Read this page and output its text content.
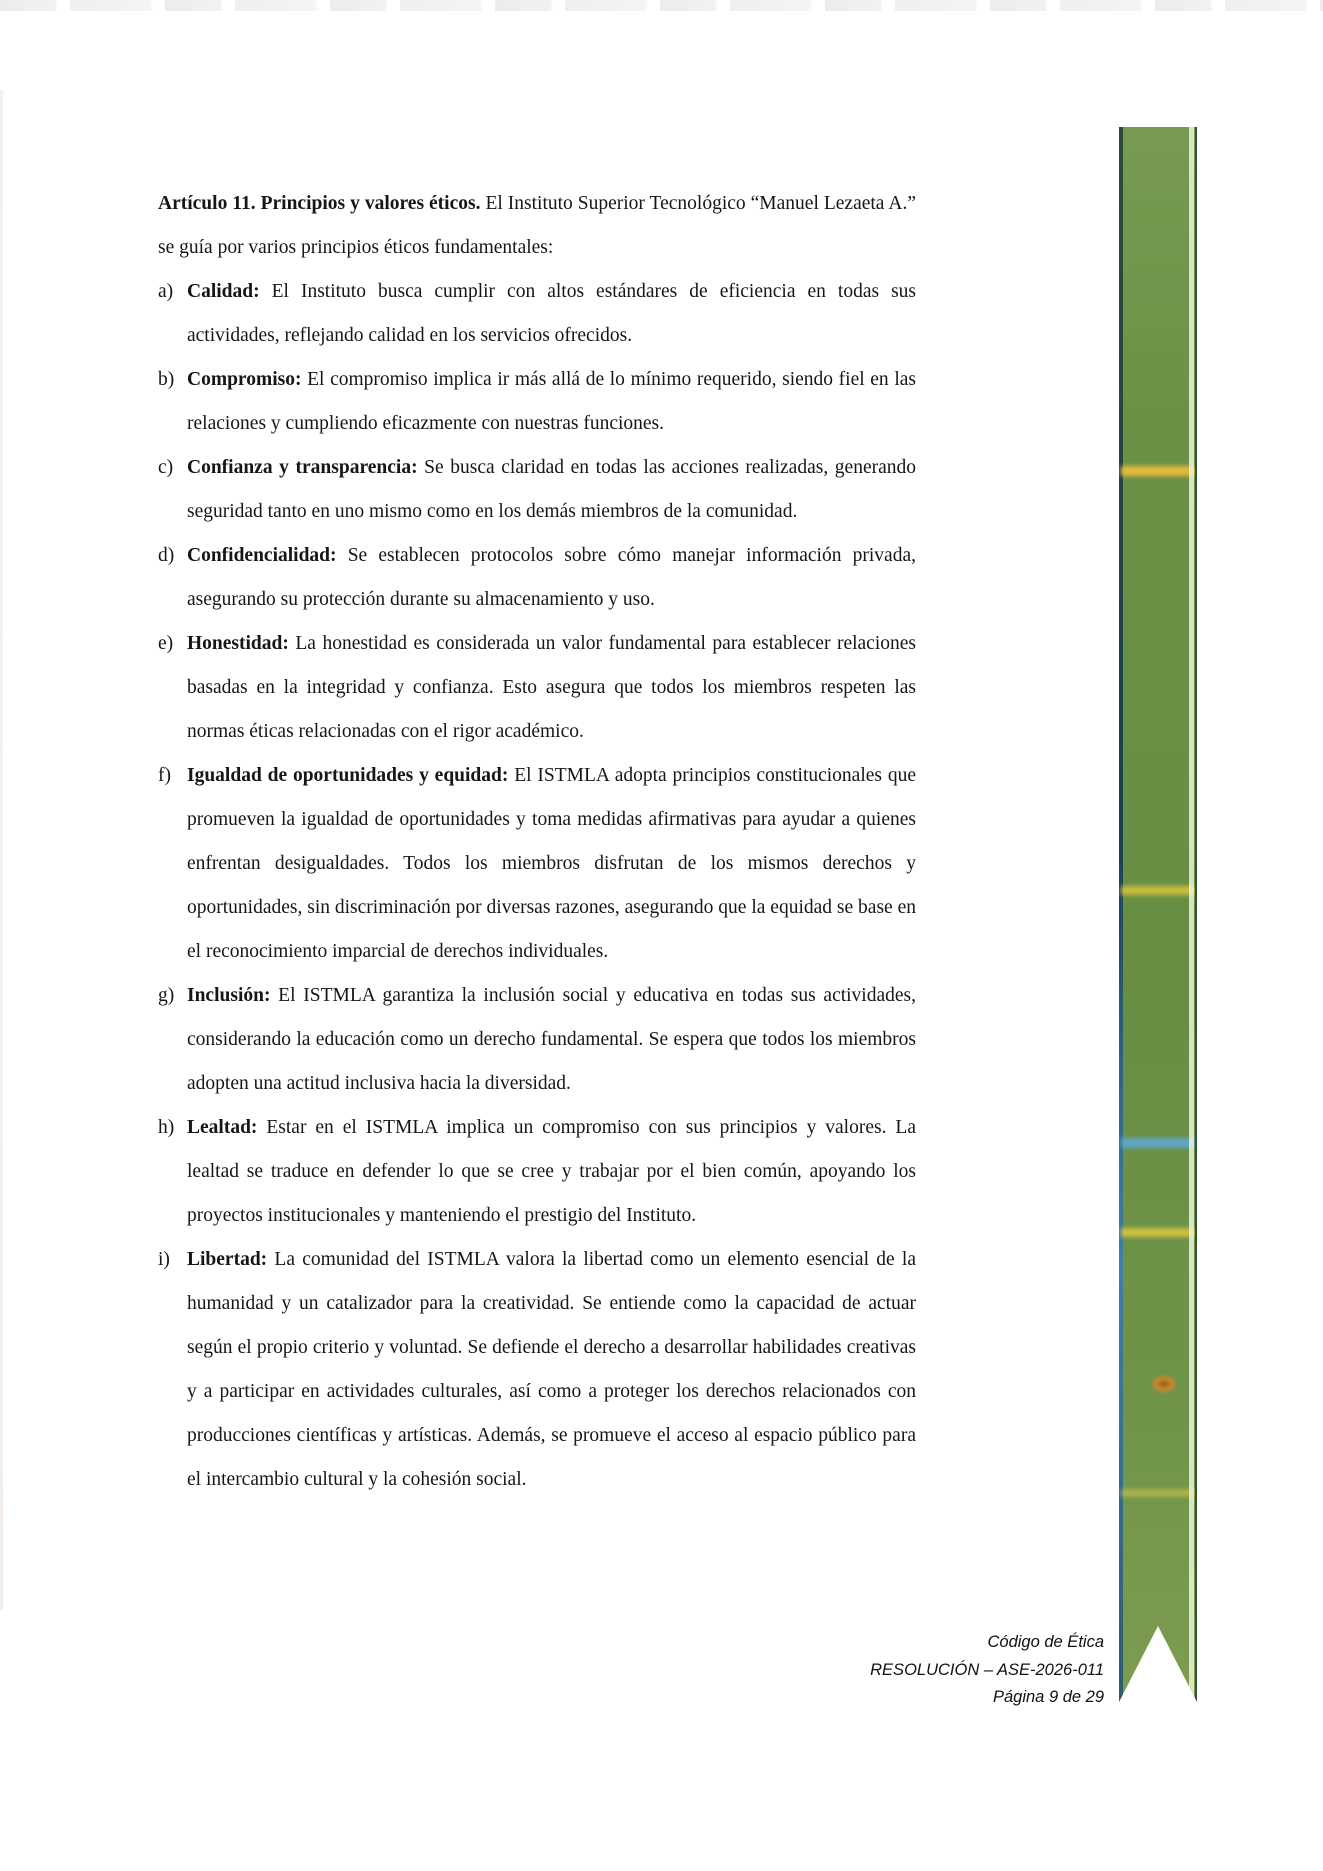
Artículo 11. Principios y valores éticos. El Instituto Superior Tecnológico “Manuel Lezaeta A.” se guía por varios principios éticos fundamentales:

a) Calidad: El Instituto busca cumplir con altos estándares de eficiencia en todas sus actividades, reflejando calidad en los servicios ofrecidos.
b) Compromiso: El compromiso implica ir más allá de lo mínimo requerido, siendo fiel en las relaciones y cumpliendo eficazmente con nuestras funciones.
c) Confianza y transparencia: Se busca claridad en todas las acciones realizadas, generando seguridad tanto en uno mismo como en los demás miembros de la comunidad.
d) Confidencialidad: Se establecen protocolos sobre cómo manejar información privada, asegurando su protección durante su almacenamiento y uso.
e) Honestidad: La honestidad es considerada un valor fundamental para establecer relaciones basadas en la integridad y confianza. Esto asegura que todos los miembros respeten las normas éticas relacionadas con el rigor académico.
f) Igualdad de oportunidades y equidad: El ISTMLA adopta principios constitucionales que promueven la igualdad de oportunidades y toma medidas afirmativas para ayudar a quienes enfrentan desigualdades. Todos los miembros disfrutan de los mismos derechos y oportunidades, sin discriminación por diversas razones, asegurando que la equidad se base en el reconocimiento imparcial de derechos individuales.
g) Inclusión: El ISTMLA garantiza la inclusión social y educativa en todas sus actividades, considerando la educación como un derecho fundamental. Se espera que todos los miembros adopten una actitud inclusiva hacia la diversidad.
h) Lealtad: Estar en el ISTMLA implica un compromiso con sus principios y valores. La lealtad se traduce en defender lo que se cree y trabajar por el bien común, apoyando los proyectos institucionales y manteniendo el prestigio del Instituto.
i) Libertad: La comunidad del ISTMLA valora la libertad como un elemento esencial de la humanidad y un catalizador para la creatividad. Se entiende como la capacidad de actuar según el propio criterio y voluntad. Se defiende el derecho a desarrollar habilidades creativas y a participar en actividades culturales, así como a proteger los derechos relacionados con producciones científicas y artísticas. Además, se promueve el acceso al espacio público para el intercambio cultural y la cohesión social.
Código de Ética
RESOLUCIÓN – ASE-2026-011
Página 9 de 29
